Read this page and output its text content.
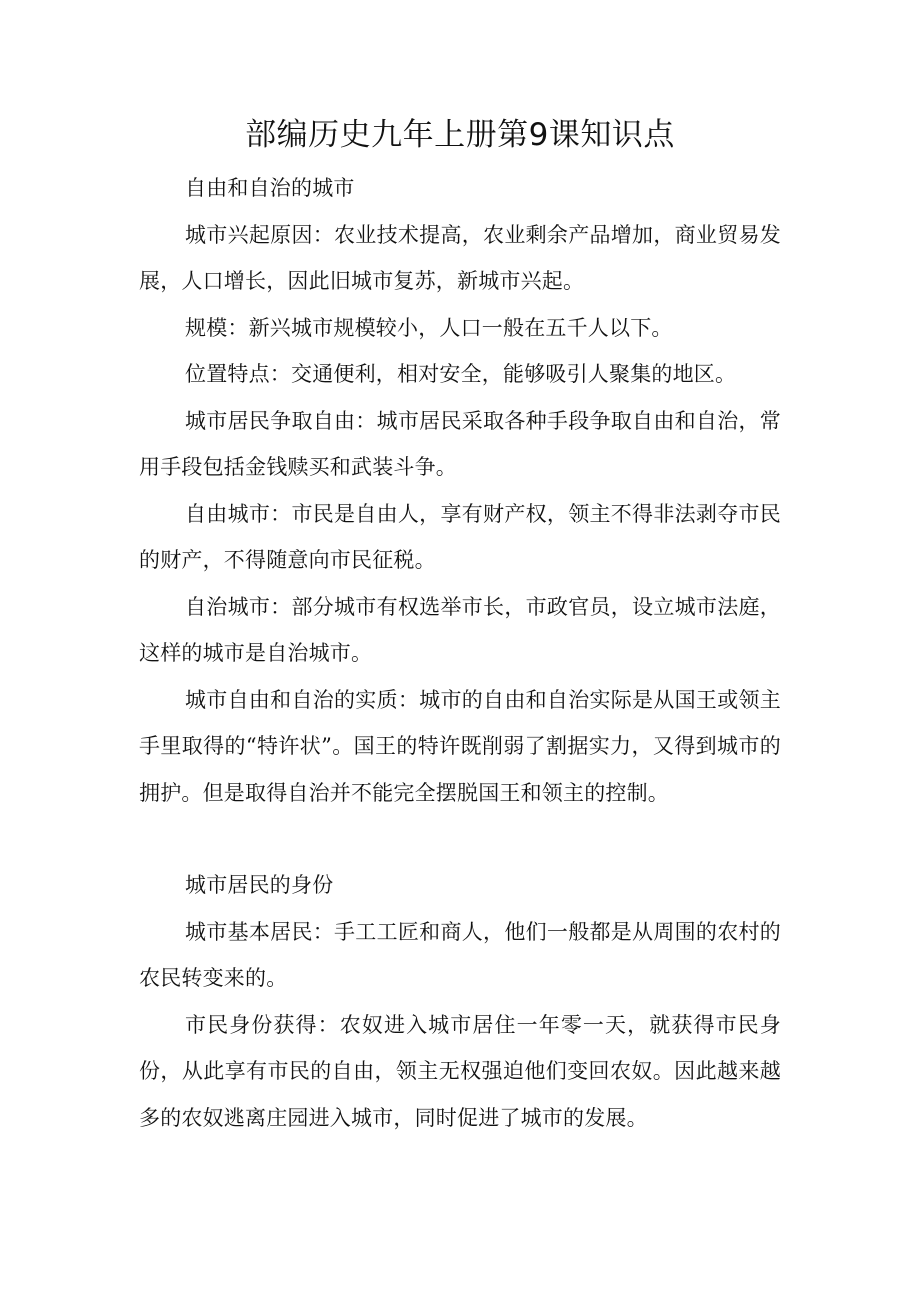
部编历史九年上册第9课知识点

自由和自治的城市

城市兴起原因：农业技术提高，农业剩余产品增加，商业贸易发展，人口增长，因此旧城市复苏，新城市兴起。

规模：新兴城市规模较小，人口一般在五千人以下。

位置特点：交通便利，相对安全，能够吸引人聚集的地区。

城市居民争取自由：城市居民采取各种手段争取自由和自治，常用手段包括金钱赎买和武装斗争。

自由城市：市民是自由人，享有财产权，领主不得非法剥夺市民的财产，不得随意向市民征税。

自治城市：部分城市有权选举市长，市政官员，设立城市法庭，这样的城市是自治城市。

城市自由和自治的实质：城市的自由和自治实际是从国王或领主手里取得的“特许状”。国王的特许既削弱了割据实力，又得到城市的拥护。但是取得自治并不能完全摆脱国王和领主的控制。

城市居民的身份

城市基本居民：手工工匠和商人，他们一般都是从周围的农村的农民转变来的。

市民身份获得：农奴进入城市居住一年零一天，就获得市民身份，从此享有市民的自由，领主无权强迫他们变回农奴。因此越来越多的农奴逃离庄园进入城市，同时促进了城市的发展。
